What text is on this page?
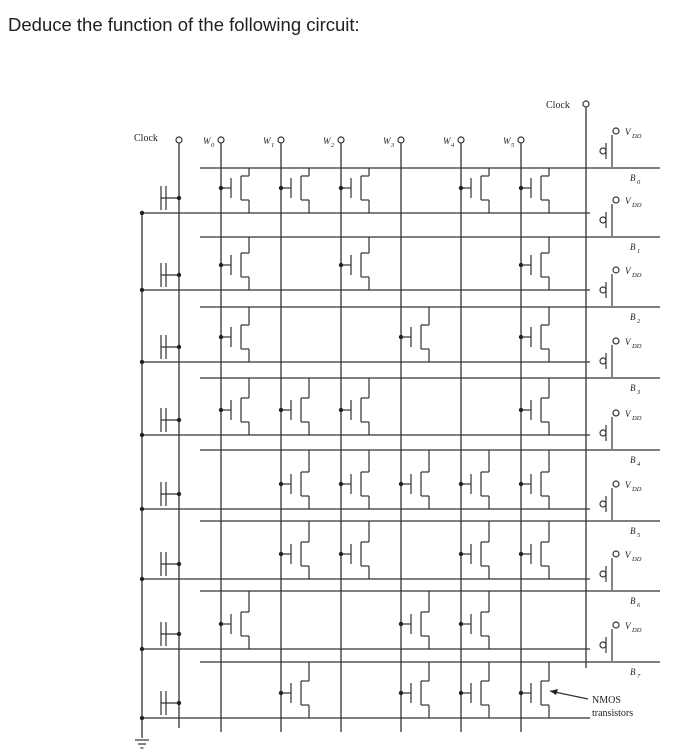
Deduce the function of the following circuit:
W 0	W 1	W 2	W 3	W 4	W 5
V DD
B 0
V DD
B 1
V DD
B 2
V DD
B 3
V DD
B 4
V DD
B 5
V DD
B 6
V DD
B 7
Clock
Clock
NMOS
transistors
